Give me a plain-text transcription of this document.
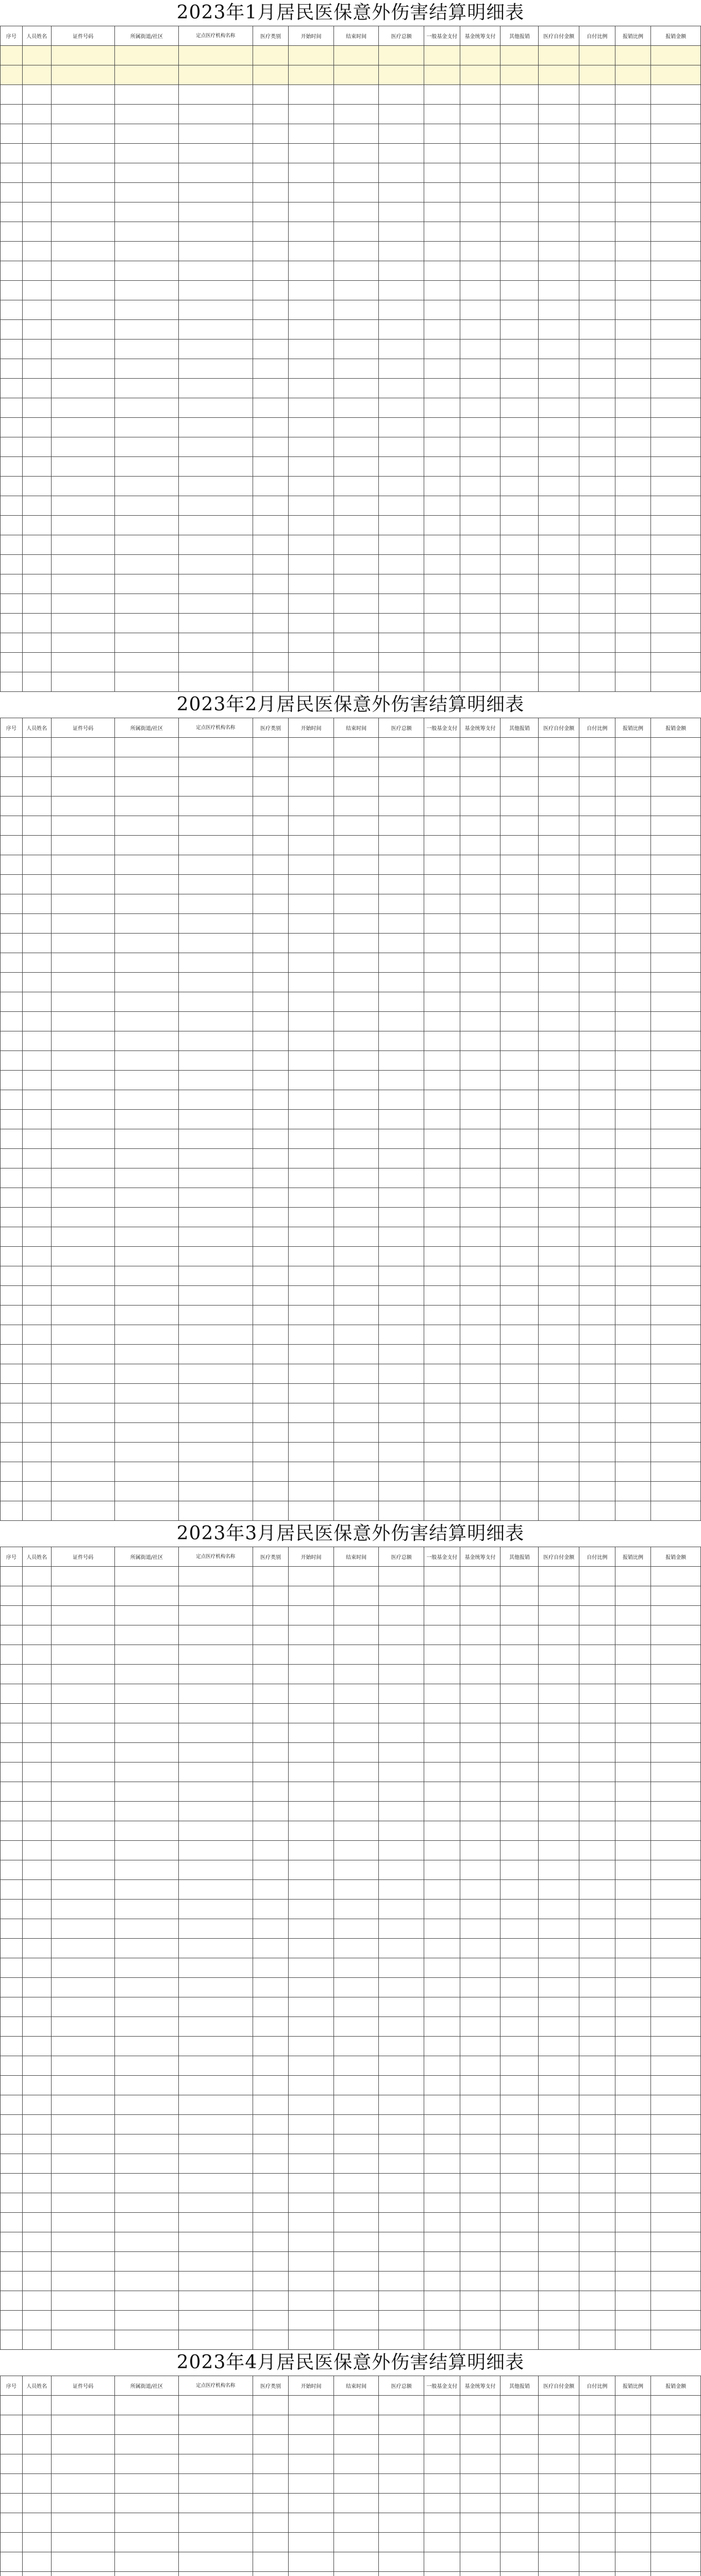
2023年1月居民医保意外伤害结算明细表
序号	人员姓名	证件号码	所属街道/社区	定点医疗机构名称	医疗类别	开始时间	结束时间	医疗总额	一般基金支付	基金统筹支付	其他报销	医疗自付金额	自付比例	报销比例	报销金额

2023年2月居民医保意外伤害结算明细表
序号	人员姓名	证件号码	所属街道/社区	定点医疗机构名称	医疗类别	开始时间	结束时间	医疗总额	一般基金支付	基金统筹支付	其他报销	医疗自付金额	自付比例	报销比例	报销金额

2023年3月居民医保意外伤害结算明细表
序号	人员姓名	证件号码	所属街道/社区	定点医疗机构名称	医疗类别	开始时间	结束时间	医疗总额	一般基金支付	基金统筹支付	其他报销	医疗自付金额	自付比例	报销比例	报销金额

2023年4月居民医保意外伤害结算明细表
序号	人员姓名	证件号码	所属街道/社区	定点医疗机构名称	医疗类别	开始时间	结束时间	医疗总额	一般基金支付	基金统筹支付	其他报销	医疗自付金额	自付比例	报销比例	报销金额
